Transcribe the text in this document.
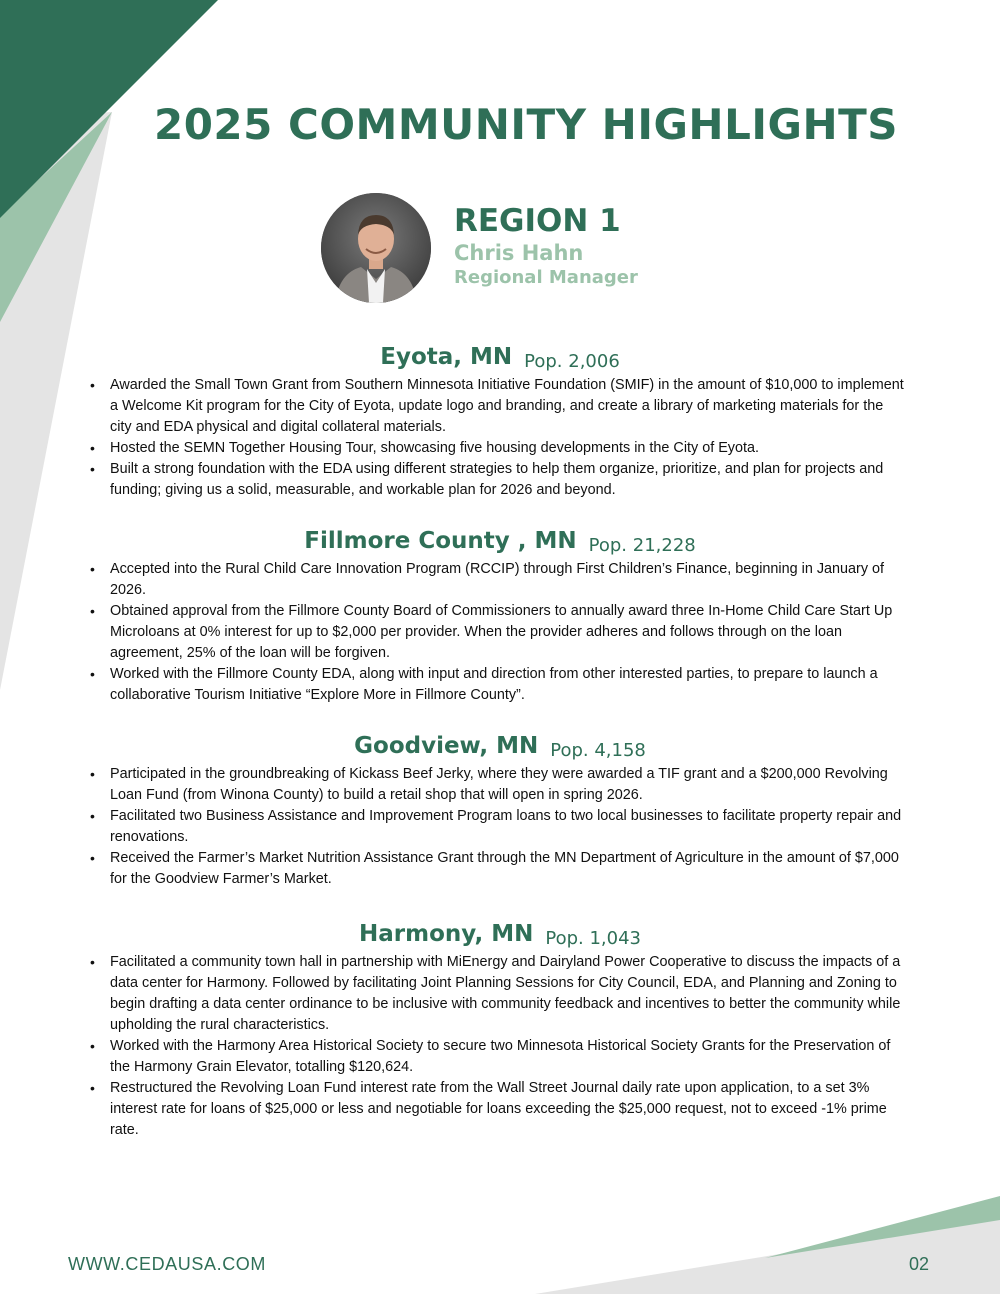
2025 COMMUNITY HIGHLIGHTS
REGION 1
Chris Hahn
Regional Manager
Eyota, MN Pop. 2,006
• Awarded the Small Town Grant from Southern Minnesota Initiative Foundation (SMIF) in the amount of $10,000 to implement a Welcome Kit program for the City of Eyota, update logo and branding, and create a library of marketing materials for the city and EDA physical and digital collateral materials.
• Hosted the SEMN Together Housing Tour, showcasing five housing developments in the City of Eyota.
• Built a strong foundation with the EDA using different strategies to help them organize, prioritize, and plan for projects and funding; giving us a solid, measurable, and workable plan for 2026 and beyond.
Fillmore County , MN Pop. 21,228
• Accepted into the Rural Child Care Innovation Program (RCCIP) through First Children’s Finance, beginning in January of 2026.
• Obtained approval from the Fillmore County Board of Commissioners to annually award three In-Home Child Care Start Up Microloans at 0% interest for up to $2,000 per provider. When the provider adheres and follows through on the loan agreement, 25% of the loan will be forgiven.
• Worked with the Fillmore County EDA, along with input and direction from other interested parties, to prepare to launch a collaborative Tourism Initiative “Explore More in Fillmore County”.
Goodview, MN Pop. 4,158
• Participated in the groundbreaking of Kickass Beef Jerky, where they were awarded a TIF grant and a $200,000 Revolving Loan Fund (from Winona County) to build a retail shop that will open in spring 2026.
• Facilitated two Business Assistance and Improvement Program loans to two local businesses to facilitate property repair and renovations.
• Received the Farmer’s Market Nutrition Assistance Grant through the MN Department of Agriculture in the amount of $7,000 for the Goodview Farmer’s Market.
Harmony, MN Pop. 1,043
• Facilitated a community town hall in partnership with MiEnergy and Dairyland Power Cooperative to discuss the impacts of a data center for Harmony. Followed by facilitating Joint Planning Sessions for City Council, EDA, and Planning and Zoning to begin drafting a data center ordinance to be inclusive with community feedback and incentives to better the community while upholding the rural characteristics.
• Worked with the Harmony Area Historical Society to secure two Minnesota Historical Society Grants for the Preservation of the Harmony Grain Elevator, totalling $120,624.
• Restructured the Revolving Loan Fund interest rate from the Wall Street Journal daily rate upon application, to a set 3% interest rate for loans of $25,000 or less and negotiable for loans exceeding the $25,000 request, not to exceed -1% prime rate.
WWW.CEDAUSA.COM	02
